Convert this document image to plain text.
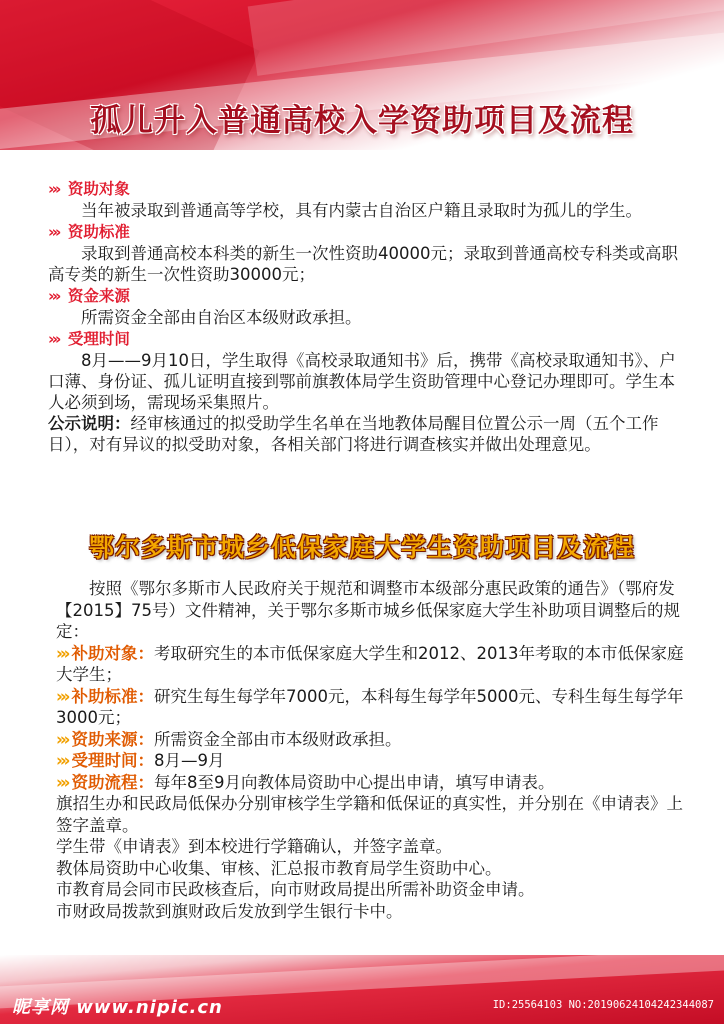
孤儿升入普通高校入学资助项目及流程
»› 资助对象

当年被录取到普通高等学校，具有内蒙古自治区户籍且录取时为孤儿的学生。

»› 资助标准

录取到普通高校本科类的新生一次性资助40000元；录取到普通高校专科类或高职高专类的新生一次性资助30000元；

»› 资金来源

所需资金全部由自治区本级财政承担。

»› 受理时间

8月——9月10日，学生取得《高校录取通知书》后，携带《高校录取通知书》、户口薄、身份证、孤儿证明直接到鄂前旗教体局学生资助管理中心登记办理即可。学生本人必须到场，需现场采集照片。

公示说明：经审核通过的拟受助学生名单在当地教体局醒目位置公示一周（五个工作日），对有异议的拟受助对象，各相关部门将进行调查核实并做出处理意见。

鄂尔多斯市城乡低保家庭大学生资助项目及流程

按照《鄂尔多斯市人民政府关于规范和调整市本级部分惠民政策的通告》（鄂府发【2015】75号）文件精神，关于鄂尔多斯市城乡低保家庭大学生补助项目调整后的规定：

»› 补助对象：考取研究生的本市低保家庭大学生和2012、2013年考取的本市低保家庭大学生；

»› 补助标准：研究生每生每学年7000元，本科每生每学年5000元、专科生每生每学年3000元；

»› 资助来源：所需资金全部由市本级财政承担。

»› 受理时间：8月—9月

»› 资助流程：每年8至9月向教体局资助中心提出申请，填写申请表。

旗招生办和民政局低保办分别审核学生学籍和低保证的真实性，并分别在《申请表》上签字盖章。

学生带《申请表》到本校进行学籍确认，并签字盖章。

教体局资助中心收集、审核、汇总报市教育局学生资助中心。

市教育局会同市民政核查后，向市财政局提出所需补助资金申请。

市财政局拨款到旗财政后发放到学生银行卡中。

昵享网 www.nipic.cn	ID:25564103 NO:20190624104242344087
